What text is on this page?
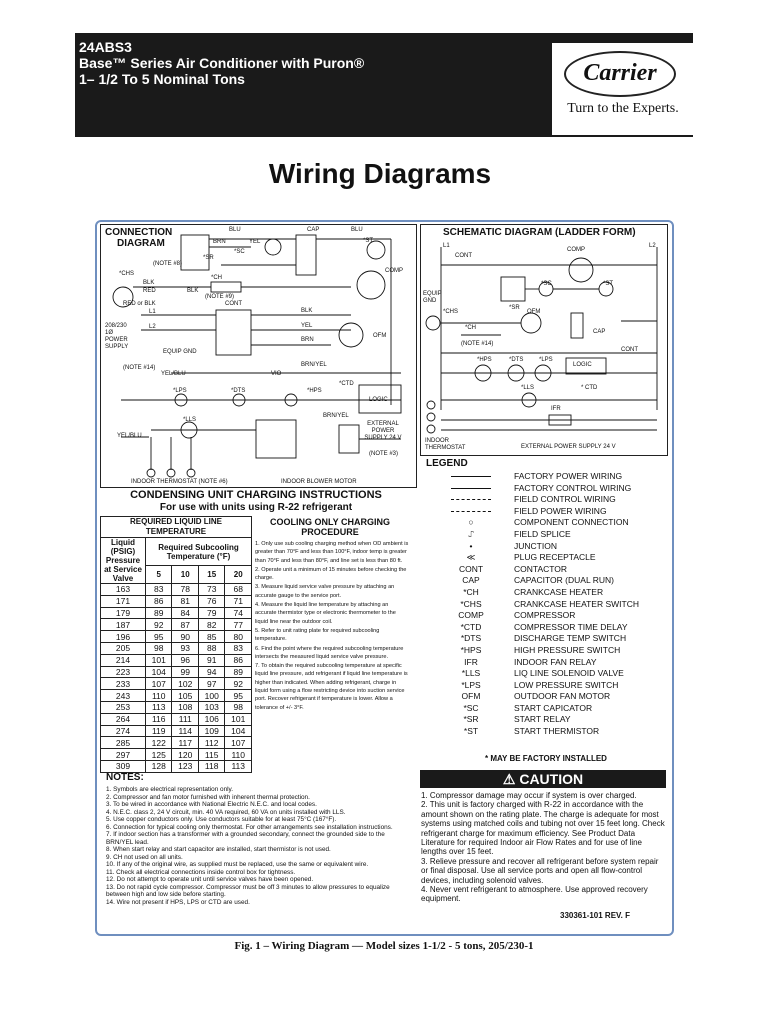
24ABS3
Base™ Series Air Conditioner with Puron®
1– 1/2 To 5 Nominal Tons	Carrier
Turn to the Experts.
Wiring Diagrams
CONNECTION
DIAGRAM
BLU
BRN	YEL
CAP	BLU
*ST
*SC
(NOTE #8)
*SR
*CH
BLK
RED	BLK
(NOTE #9)
*CHS	COMP
RED or BLK	CONT
BLK
YEL
BRN
OFM
208/230 1Ø POWER SUPPLY
L1
L2
EQUIP GND
(NOTE #14)
YEL/BLU	VIO
BRN/YEL
*LPS	*DTS	*HPS
*CTD
LOGIC
*LLS
BRN/YEL
YEL/BLU
EXTERNAL POWER SUPPLY 24 V
(NOTE #3)
INDOOR THERMOSTAT (NOTE #6)	INDOOR BLOWER MOTOR
SCHEMATIC DIAGRAM (LADDER FORM)
L1	L2
CONT
COMP
EQUIP GND
*SC	*ST
*SR
OFM
CAP
*CHS
*CH
(NOTE #14)
CONT
*HPS	*DTS	*LPS
LOGIC
*LLS	* CTD
IFR
INDOOR THERMOSTAT	EXTERNAL POWER SUPPLY 24 V
CONDENSING UNIT CHARGING INSTRUCTIONS
For use with units using R-22 refrigerant
REQUIRED LIQUID LINE TEMPERATURE				
Liquid (PSIG) Pressure at Service Valve	Required Subcooling Temperature (°F)			
	5	10	15	20
163	83	78	73	68
171	86	81	76	71
179	89	84	79	74
187	92	87	82	77
196	95	90	85	80
205	98	93	88	83
214	101	96	91	86
223	104	99	94	89
233	107	102	97	92
243	110	105	100	95
253	113	108	103	98
264	116	111	106	101
274	119	114	109	104
285	122	117	112	107
297	125	120	115	110
309	128	123	118	113
COOLING ONLY CHARGING PROCEDURE
1. Only use sub cooling charging method when OD ambient is greater than 70°F and less than 100°F, indoor temp is greater than 70°F and less than 80°F, and line set is less than 80 ft.
2. Operate unit a minimum of 15 minutes before checking the charge.
3. Measure liquid service valve pressure by attaching an accurate gauge to the service port.
4. Measure the liquid line temperature by attaching an accurate thermistor type or electronic thermometer to the liquid line near the outdoor coil.
5. Refer to unit rating plate for required subcooling temperature.
6. Find the point where the required subcooling temperature intersects the measured liquid service valve pressure.
7. To obtain the required subcooling temperature at specific liquid line pressure, add refrigerant if liquid line temperature is higher than indicated. When adding refrigerant, charge in liquid form using a flow restricting device into suction service port. Recover refrigerant if temperature is lower. Allow a tolerance of +/- 3°F.
NOTES:
1. Symbols are electrical representation only.
2. Compressor and fan motor furnished with inherent thermal protection.
3. To be wired in accordance with National Electric N.E.C. and local codes.
4. N.E.C. class 2, 24 V circuit, min. 40 VA required, 60 VA on units installed with LLS.
5. Use copper conductors only. Use conductors suitable for at least 75°C (167°F).
6. Connection for typical cooling only thermostat. For other arrangements see installation instructions.
7. If indoor section has a transformer with a grounded secondary, connect the grounded side to the BRN/YEL lead.
8. When start relay and start capacitor are installed, start thermistor is not used.
9. CH not used on all units.
10. If any of the original wire, as supplied must be replaced, use the same or equivalent wire.
11. Check all electrical connections inside control box for tightness.
12. Do not attempt to operate unit until service valves have been opened.
13. Do not rapid cycle compressor. Compressor must be off 3 minutes to allow pressures to equalize between high and low side before starting.
14. Wire not present if HPS, LPS or CTD are used.
LEGEND
FACTORY POWER WIRING
FACTORY CONTROL WIRING
FIELD CONTROL WIRING
FIELD POWER WIRING
○	COMPONENT CONNECTION
⑀	FIELD SPLICE
•	JUNCTION
≪	PLUG RECEPTACLE
CONT	CONTACTOR
CAP	CAPACITOR (DUAL RUN)
*CH	CRANKCASE HEATER
*CHS	CRANKCASE HEATER SWITCH
COMP	COMPRESSOR
*CTD	COMPRESSOR TIME DELAY
*DTS	DISCHARGE TEMP SWITCH
*HPS	HIGH PRESSURE SWITCH
IFR	INDOOR FAN RELAY
*LLS	LIQ LINE SOLENOID VALVE
*LPS	LOW PRESSURE SWITCH
OFM	OUTDOOR FAN MOTOR
*SC	START CAPICATOR
*SR	START RELAY
*ST	START THERMISTOR
* MAY BE FACTORY INSTALLED
⚠ CAUTION
1. Compressor damage may occur if system is over charged.
2. This unit is factory charged with R-22 in accordance with the amount shown on the rating plate. The charge is adequate for most systems using matched coils and tubing not over 15 feet long. Check refrigerant charge for maximum efficiency. See Product Data Literature for required Indoor air Flow Rates and for use of line lengths over 15 feet.
3. Relieve pressure and recover all refrigerant before system repair or final disposal. Use all service ports and open all flow-control devices, including solenoid valves.
4. Never vent refrigerant to atmosphere. Use approved recovery equipment.
330361-101 REV. F
Fig. 1 – Wiring Diagram — Model sizes 1-1/2 - 5 tons, 205/230-1
